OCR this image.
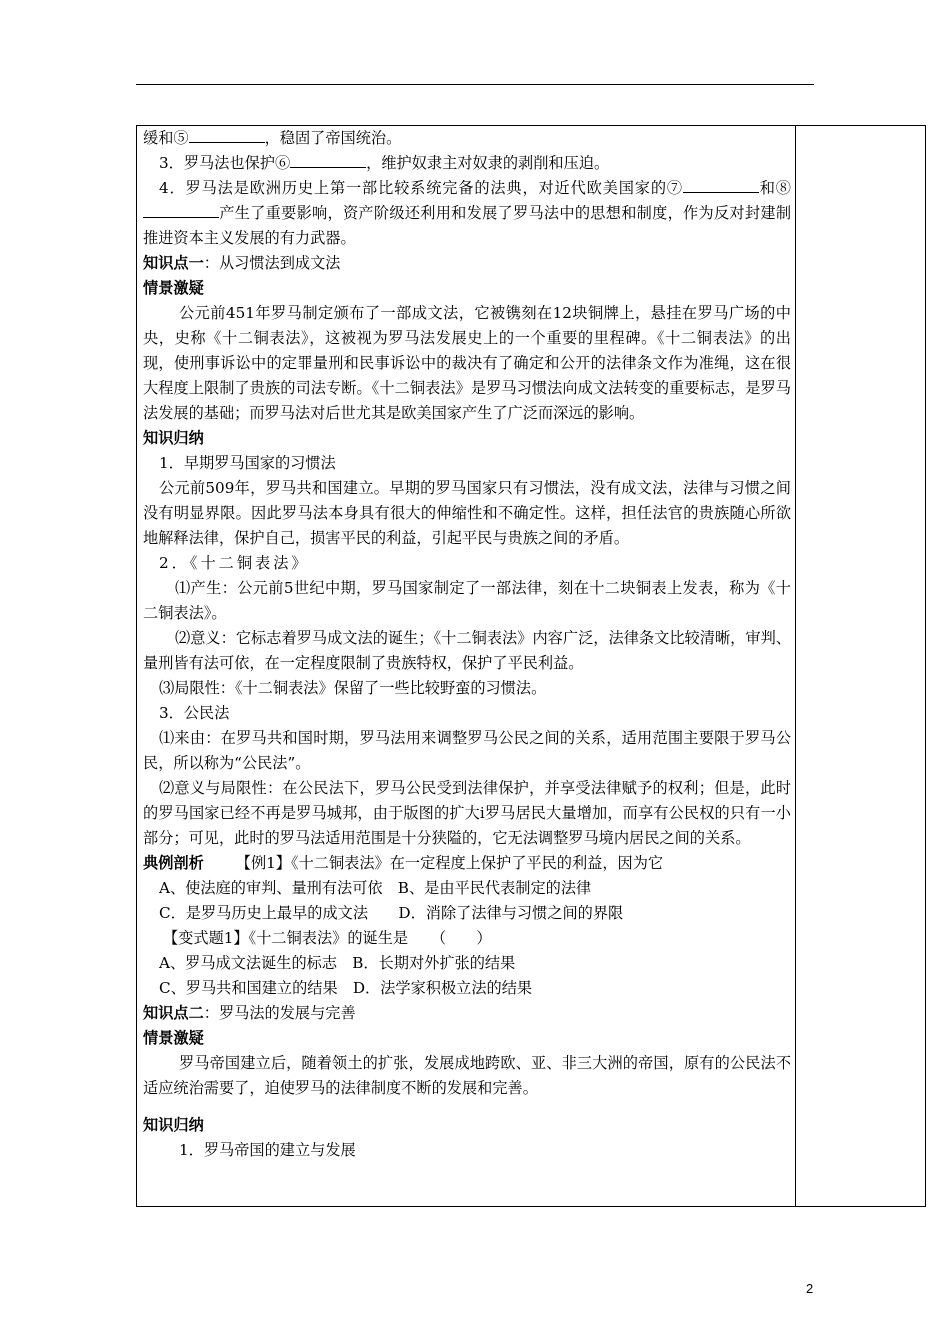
缓和⑤	，稳固了帝国统治。

3．罗马法也保护⑥	，维护奴隶主对奴隶的剥削和压迫。

4．罗马法是欧洲历史上第一部比较系统完备的法典，对近代欧美国家的⑦	和⑧产生了重要影响，资产阶级还利用和发展了罗马法中的思想和制度，作为反对封建制推进资本主义发展的有力武器。

知识点一：从习惯法到成文法

情景激疑

公元前451年罗马制定颁布了一部成文法，它被镌刻在12块铜牌上，悬挂在罗马广场的中央，史称《十二铜表法》，这被视为罗马法发展史上的一个重要的里程碑。《十二铜表法》的出现，使刑事诉讼中的定罪量刑和民事诉讼中的裁决有了确定和公开的法律条文作为准绳，这在很大程度上限制了贵族的司法专断。《十二铜表法》是罗马习惯法向成文法转变的重要标志，是罗马法发展的基础；而罗马法对后世尤其是欧美国家产生了广泛而深远的影响。

知识归纳

1．早期罗马国家的习惯法

公元前509年，罗马共和国建立。早期的罗马国家只有习惯法，没有成文法，法律与习惯之间没有明显界限。因此罗马法本身具有很大的伸缩性和不确定性。这样，担任法官的贵族随心所欲地解释法律，保护自己，损害平民的利益，引起平民与贵族之间的矛盾。

2．《十二铜表法》

⑴产生：公元前5世纪中期，罗马国家制定了一部法律，刻在十二块铜表上发表，称为《十二铜表法》。

⑵意义：它标志着罗马成文法的诞生；《十二铜表法》内容广泛，法律条文比较清晰，审判、量刑皆有法可依，在一定程度限制了贵族特权，保护了平民利益。

⑶局限性：《十二铜表法》保留了一些比较野蛮的习惯法。

3．公民法

⑴来由：在罗马共和国时期，罗马法用来调整罗马公民之间的关系，适用范围主要限于罗马公民，所以称为“公民法”。

⑵意义与局限性：在公民法下，罗马公民受到法律保护，并享受法律赋予的权利；但是，此时的罗马国家已经不再是罗马城邦，由于版图的扩大i罗马居民大量增加，而享有公民权的只有一小部分；可见，此时的罗马法适用范围是十分狭隘的，它无法调整罗马境内居民之间的关系。

典例剖析 【例1】《十二铜表法》在一定程度上保护了平民的利益，因为它

A、使法庭的审判、量刑有法可依　B、是由平民代表制定的法律

C．是罗马历史上最早的成文法　　D．消除了法律与习惯之间的界限

【变式题1】《十二铜表法》的诞生是　　（　　）

A、罗马成文法诞生的标志　B．长期对外扩张的结果

C、罗马共和国建立的结果　D．法学家积极立法的结果

知识点二：罗马法的发展与完善

情景激疑

罗马帝国建立后，随着领土的扩张，发展成地跨欧、亚、非三大洲的帝国，原有的公民法不适应统治需要了，迫使罗马的法律制度不断的发展和完善。

知识归纳

1．罗马帝国的建立与发展

2
